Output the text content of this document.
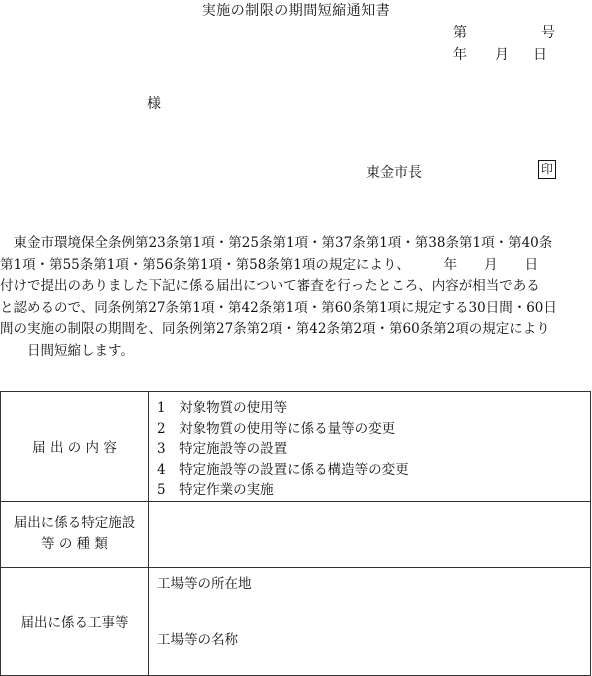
実施の制限の期間短縮通知書
第	号
年 月 日
様
東金市長	印

　東金市環境保全条例第23条第1項・第25条第1項・第37条第1項・第38条第1項・第40条

第1項・第55条第1項・第56条第1項・第58条第1項の規定により、　　　年　　月　　日

付けで提出のありました下記に係る届出について審査を行ったところ、内容が相当である

と認めるので、同条例第27条第1項・第42条第1項・第60条第1項に規定する30日間・60日

間の実施の制限の期間を、同条例第27条第2項・第42条第2項・第60条第2項の規定により

　　日間短縮します。

届 出 の 内 容	1　対象物質の使用等
2　対象物質の使用等に係る量等の変更
3　特定施設等の設置
4　特定施設等の設置に係る構造等の変更
5　特定作業の実施

届出に係る特定施設
等 の 種 類	

届出に係る工事等	工場等の所在地
工場等の名称
